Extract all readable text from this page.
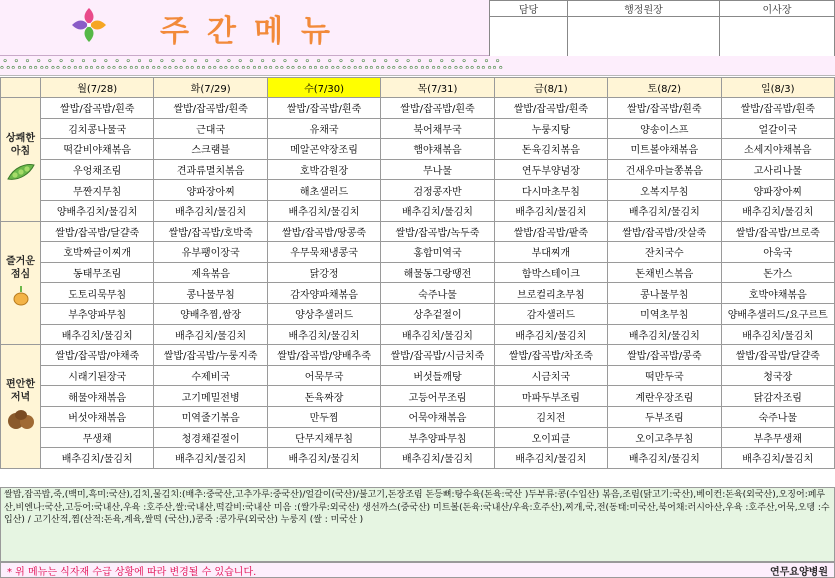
주간메뉴
담당	행정원장	이사장

ஃஃஃஃஃஃஃஃஃஃஃஃஃஃஃஃஃஃஃஃஃஃஃஃஃஃஃஃஃஃஃஃஃஃஃஃஃஃஃஃஃஃஃஃஃ
	월(7/28)	화(7/29)	수(7/30)	목(7/31)	금(8/1)	토(8/2)	일(8/3)

상쾌한
아침	쌀밥/잡곡밥/흰죽	쌀밥/잡곡밥/흰죽	쌀밥/잡곡밥/흰죽	쌀밥/잡곡밥/흰죽	쌀밥/잡곡밥/흰죽	쌀밥/잡곡밥/흰죽	쌀밥/잡곡밥/흰죽
	김치콩나물국	근대국	유채국	북어채무국	누룽지탕	양송이스프	얼갈이국
	떡갈비야채볶음	스크램블	메알곤약장조림	햄야채볶음	돈육김치볶음	미트볼야채볶음	소세지야채볶음
	우엉채조림	견과류멸치볶음	호박감원장	무나물	연두부양념장	건새우마늘쫑볶음	고사리나물
	무짠지무침	양파장아찌	해초샐러드	검정콩자반	다시마초무침	오복지무침	양파장아찌
	양배추김치/물김치	배추김치/물김치	배추김치/물김치	배추김치/물김치	배추김치/물김치	배추김치/물김치	배추김치/물김치

즐거운
점심	쌀밥/잡곡밥/달걀죽	쌀밥/잡곡밥/호박죽	쌀밥/잡곡밥/땅콩죽	쌀밥/잡곡밥/녹두죽	쌀밥/잡곡밥/팥죽	쌀밥/잡곡밥/잣살죽	쌀밥/잡곡밥/브로죽
	호박짜글이찌개	유부팽이장국	우무묵채냉콩국	홍합미역국	부대찌개	잔치국수	아욱국
	동태무조림	제육볶음	닭강정	해물동그랑땡전	함박스테이크	돈채빈스볶음	돈가스
	도토리묵무침	콩나물무침	감자양파채볶음	숙주나물	브로컬리초무침	콩나물무침	호박야채볶음
	부추양파무침	양배추찜,쌈장	양상추샐러드	상추겉절이	감자샐러드	미역초무침	양배추샐러드/요구르트
	배추김치/물김치	배추김치/물김치	배추김치/물김치	배추김치/물김치	배추김치/물김치	배추김치/물김치	배추김치/물김치

편안한
저녁	쌀밥/잡곡밥/야채죽	쌀밥/잡곡밥/누룽지죽	쌀밥/잡곡밥/양배추죽	쌀밥/잡곡밥/시금치죽	쌀밥/잡곡밥/차조죽	쌀밥/잡곡밥/콩죽	쌀밥/잡곡밥/달걀죽
	시래기된장국	수제비국	어묵무국	버섯들깨탕	시금치국	떡만두국	청국장
	해물야채볶음	고기메밀전병	돈육짜장	고등어무조림	마파두부조림	계란우장조림	닭감자조림
	버섯야채볶음	미역줄기볶음	만두찜	어묵야채볶음	김치전	두부조림	숙주나물
	무생채	청경채겉절이	단무지채무침	부추양파무침	오이피클	오이고추무침	부추무생채
	배추김치/물김치	배추김치/물김치	배추김치/물김치	배추김치/물김치	배추김치/물김치	배추김치/물김치	배추김치/물김치
쌀밥,잡곡밥,죽,(백미,흑미:국산),김치,물김치:(배추:중국산,고추가루:중국산)/얼갈이(국산)/불고기,돈장조림 돈등뼈:탕수육(돈육:국산 )두부류:콩(수입산) 볶음,조림(닭고기:국산),베이컨:돈육(외국산),오징어:페루산,비엔나:국산,고등어:국내산,우육 :호주산,쌀:국내산,떡갈비:국내산 미음 :(쌀가루:외국산) 생선까스(중국산) 미트볼(돈육:국내산/우육:호주산),찌개,국,전(동태:미국산,북어채:러시아산,우육 :호주산,어묵,오뎅 :수입산) / 고기산적,찜(산적:돈육,계육,쌀떡 (국산),)콩죽 :콩가루(외국산) 누룽지 (쌀 : 미국산 )
* 위 메뉴는 식자재 수급 상황에 따라 변경될 수 있습니다.	연무요양병원
